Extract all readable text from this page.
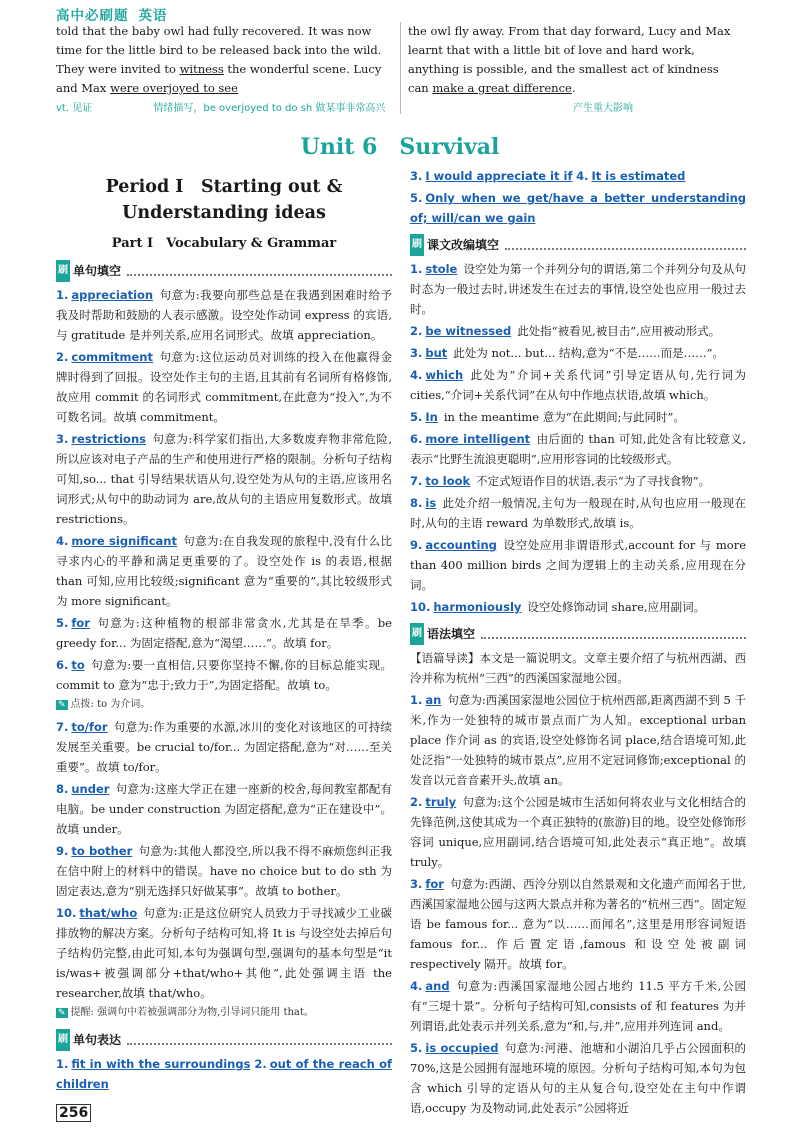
高中必刷题 英语
told that the baby owl had fully recovered. It was now time for the little bird to be released back into the wild. They were invited to witness the wonderful scene. Lucy and Max were overjoyed to see
vt. 见证　　　　　	情绪描写，be overjoyed to do sh 做某事非常高兴
the owl fly away. From that day forward, Lucy and Max learnt that with a little bit of love and hard work, anything is possible, and the smallest act of kindness can make a great difference.
产生重大影响
Unit 6　Survival
Period Ⅰ　Starting out & Understanding ideas
Part Ⅰ　Vocabulary & Grammar
刷 单句填空
1. appreciation 句意为:我要向那些总是在我遇到困难时给予我及时帮助和鼓励的人表示感激。设空处作动词 express 的宾语,与 gratitude 是并列关系,应用名词形式。故填 appreciation。
2. commitment 句意为:这位运动员对训练的投入在他赢得金牌时得到了回报。设空处作主句的主语,且其前有名词所有格修饰,故应用 commit 的名词形式 commitment,在此意为“投入”,为不可数名词。故填 commitment。
3. restrictions 句意为:科学家们指出,大多数废弃物非常危险,所以应该对电子产品的生产和使用进行严格的限制。分析句子结构可知,so... that 引导结果状语从句,设空处为从句的主语,应该用名词形式;从句中的助动词为 are,故从句的主语应用复数形式。故填 restrictions。
4. more significant 句意为:在自我发现的旅程中,没有什么比寻求内心的平静和满足更重要的了。设空处作 is 的表语,根据 than 可知,应用比较级;significant 意为“重要的”,其比较级形式为 more significant。
5. for 句意为:这种植物的根部非常贪水,尤其是在旱季。be greedy for... 为固定搭配,意为“渴望……”。故填 for。
6. to 句意为:要一直相信,只要你坚持不懈,你的目标总能实现。commit to 意为“忠于;致力于”,为固定搭配。故填 to。
✎ 点拨: to 为介词。
7. to/for 句意为:作为重要的水源,冰川的变化对该地区的可持续发展至关重要。be crucial to/for... 为固定搭配,意为“对……至关重要”。故填 to/for。
8. under 句意为:这座大学正在建一座新的校舍,每间教室都配有电脑。be under construction 为固定搭配,意为“正在建设中”。故填 under。
9. to bother 句意为:其他人都没空,所以我不得不麻烦您纠正我在信中附上的材料中的错误。have no choice but to do sth 为固定表达,意为“别无选择只好做某事”。故填 to bother。
10. that/who 句意为:正是这位研究人员致力于寻找减少工业碳排放物的解决方案。分析句子结构可知,将 It is 与设空处去掉后句子结构仍完整,由此可知,本句为强调句型,强调句的基本句型是“it is/was+被强调部分+that/who+其他”,此处强调主语 the researcher,故填 that/who。
✎ 提醒: 强调句中若被强调部分为物,引导词只能用 that。
刷 单句表达
1. fit in with the surroundings 2. out of the reach of children
3. I would appreciate it if 4. It is estimated
5. Only when we get/have a better understanding of; will/can we gain
刷 课文改编填空
1. stole 设空处为第一个并列分句的谓语,第二个并列分句及从句时态为一般过去时,讲述发生在过去的事情,设空处也应用一般过去时。
2. be witnessed 此处指“被看见,被目击”,应用被动形式。
3. but 此处为 not... but... 结构,意为“不是……而是……”。
4. which 此处为“介词+关系代词”引导定语从句,先行词为 cities,“介词+关系代词”在从句中作地点状语,故填 which。
5. In in the meantime 意为“在此期间;与此同时”。
6. more intelligent 由后面的 than 可知,此处含有比较意义,表示“比野生流浪更聪明”,应用形容词的比较级形式。
7. to look 不定式短语作目的状语,表示“为了寻找食物”。
8. is 此处介绍一般情况,主句为一般现在时,从句也应用一般现在时,从句的主语 reward 为单数形式,故填 is。
9. accounting 设空处应用非谓语形式,account for 与 more than 400 million birds 之间为逻辑上的主动关系,应用现在分词。
10. harmoniously 设空处修饰动词 share,应用副词。
刷 语法填空
【语篇导读】本文是一篇说明文。文章主要介绍了与杭州西湖、西泠并称为杭州“三西”的西溪国家湿地公园。
1. an 句意为:西溪国家湿地公园位于杭州西部,距离西湖不到 5 千米,作为一处独特的城市景点而广为人知。exceptional urban place 作介词 as 的宾语,设空处修饰名词 place,结合语境可知,此处泛指“一处独特的城市景点”,应用不定冠词修饰;exceptional 的发音以元音音素开头,故填 an。
2. truly 句意为:这个公园是城市生活如何将农业与文化相结合的先锋范例,这使其成为一个真正独特的(旅游)目的地。设空处修饰形容词 unique,应用副词,结合语境可知,此处表示“真正地”。故填 truly。
3. for 句意为:西湖、西泠分别以自然景观和文化遗产而闻名于世,西溪国家湿地公园与这两大景点并称为著名的“杭州三西”。固定短语 be famous for... 意为“以……而闻名”,这里是用形容词短语 famous for... 作后置定语,famous 和设空处被副词 respectively 隔开。故填 for。
4. and 句意为:西溪国家湿地公园占地约 11.5 平方千米,公园有“三堤十景”。分析句子结构可知,consists of 和 features 为并列谓语,此处表示并列关系,意为“和,与,并”,应用并列连词 and。
5. is occupied 句意为:河港、池塘和小湖泊几乎占公园面积的 70%,这是公园拥有湿地环境的原因。分析句子结构可知,本句为包含 which 引导的定语从句的主从复合句,设空处在主句中作谓语,occupy 为及物动词,此处表示“公园将近
256
